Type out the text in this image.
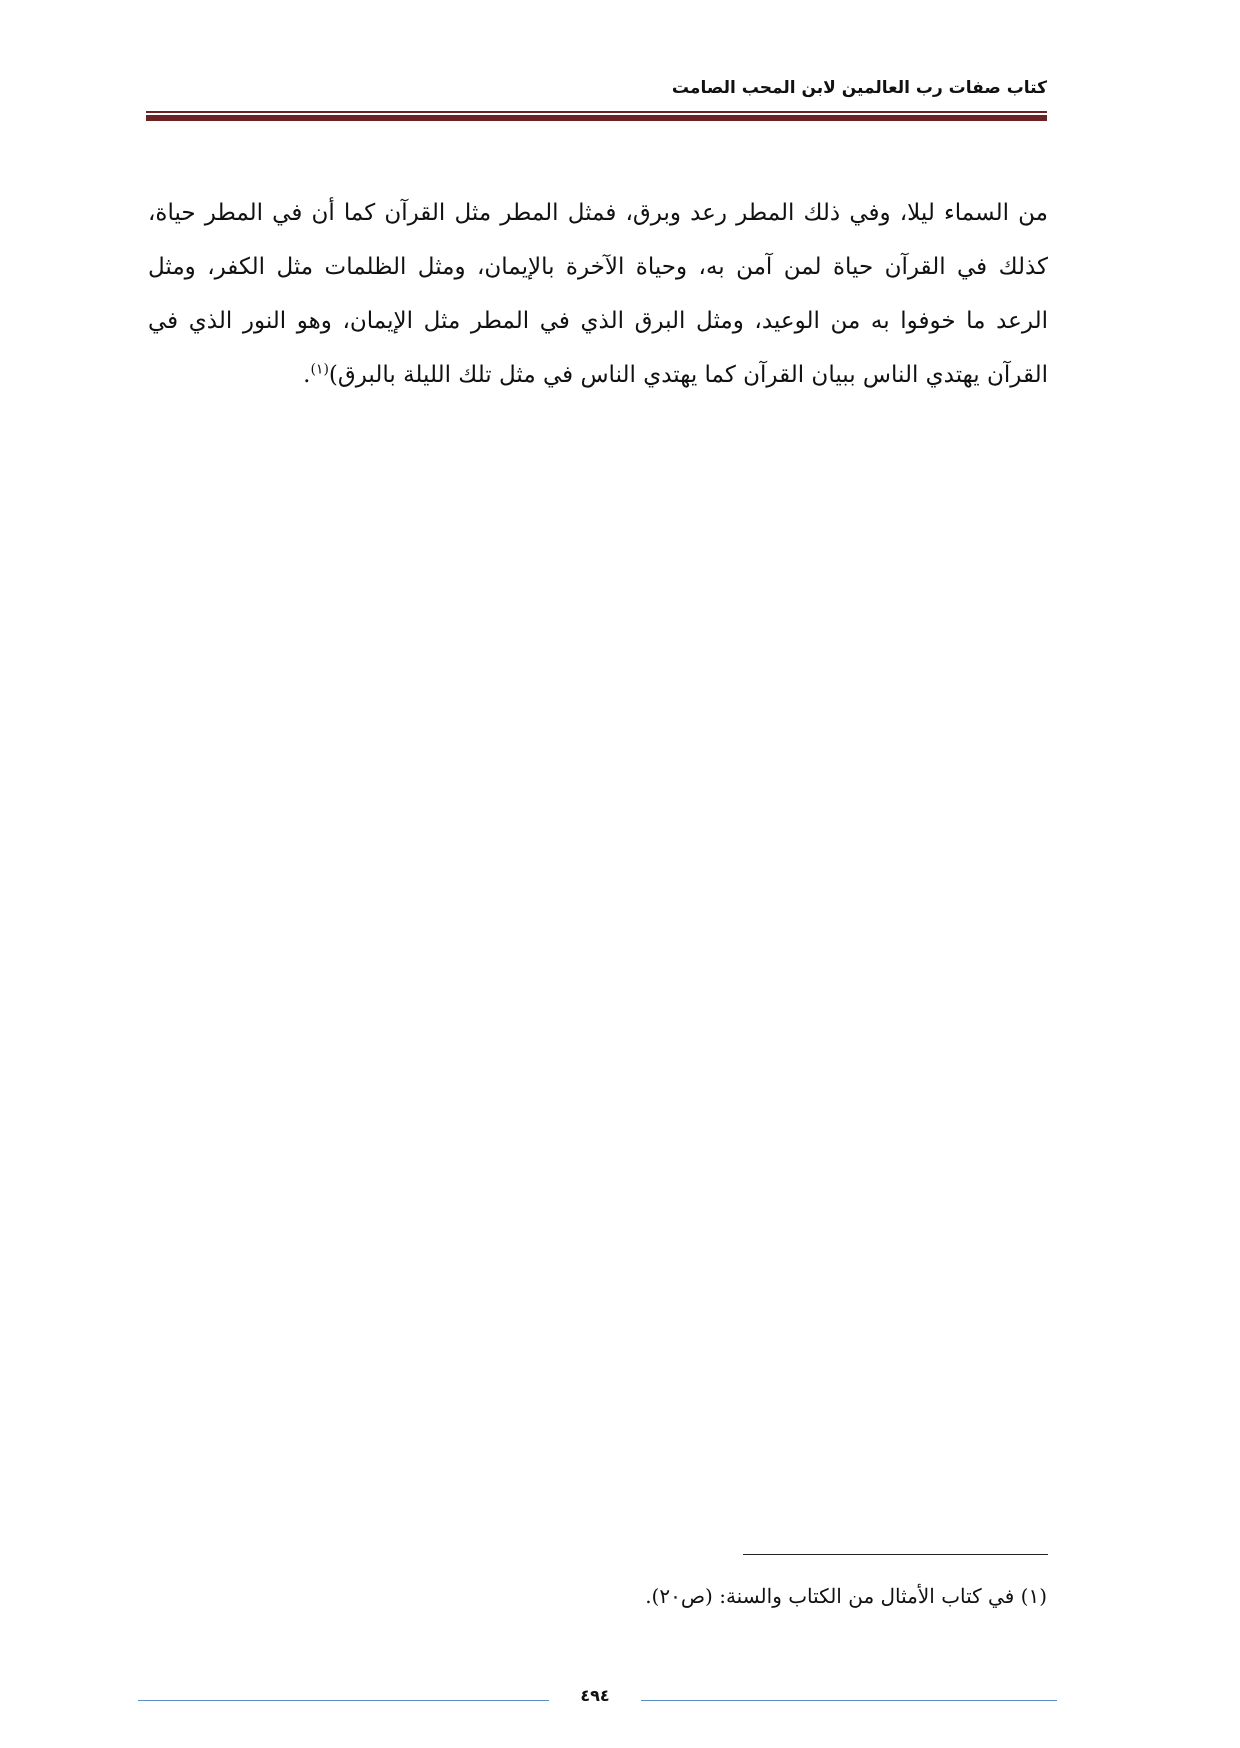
كتاب صفات رب العالمين لابن المحب الصامت

من السماء ليلا، وفي ذلك المطر رعد وبرق، فمثل المطر مثل القرآن كما أن في المطر حياة، كذلك في القرآن حياة لمن آمن به، وحياة الآخرة بالإيمان، ومثل الظلمات مثل الكفر، ومثل الرعد ما خوفوا به من الوعيد، ومثل البرق الذي في المطر مثل الإيمان، وهو النور الذي في القرآن يهتدي الناس ببيان القرآن كما يهتدي الناس في مثل تلك الليلة بالبرق)$^{(١)}$.

(١) في كتاب الأمثال من الكتاب والسنة: (ص٢٠).
٤٩٤
